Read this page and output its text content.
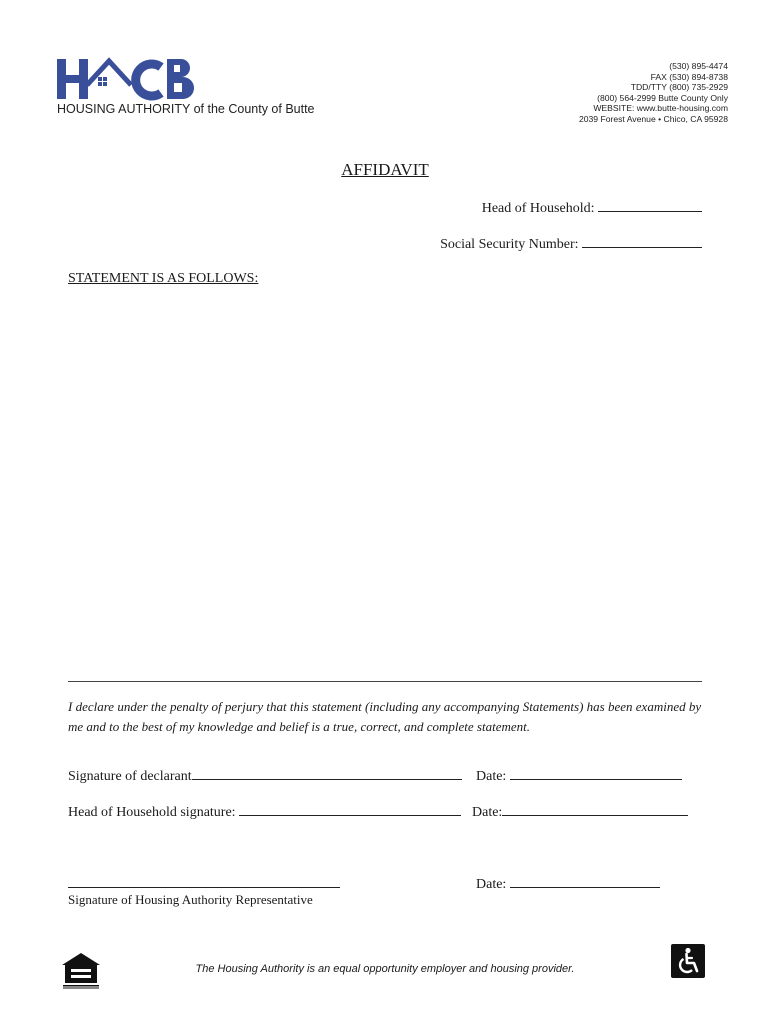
HOUSING AUTHORITY of the County of Butte
(530) 895-4474
FAX (530) 894-8738
TDD/TTY (800) 735-2929
(800) 564-2999 Butte County Only
WEBSITE: www.butte-housing.com
2039 Forest Avenue • Chico, CA 95928
AFFIDAVIT
Head of Household:
Social Security Number:
STATEMENT IS AS FOLLOWS:
I declare under the penalty of perjury that this statement (including any accompanying Statements) has been examined by me and to the best of my knowledge and belief is a true, correct, and complete statement.
Signature of declarant	Date:
Head of Household signature:	Date:
Signature of Housing Authority Representative
Date:
The Housing Authority is an equal opportunity employer and housing provider.
